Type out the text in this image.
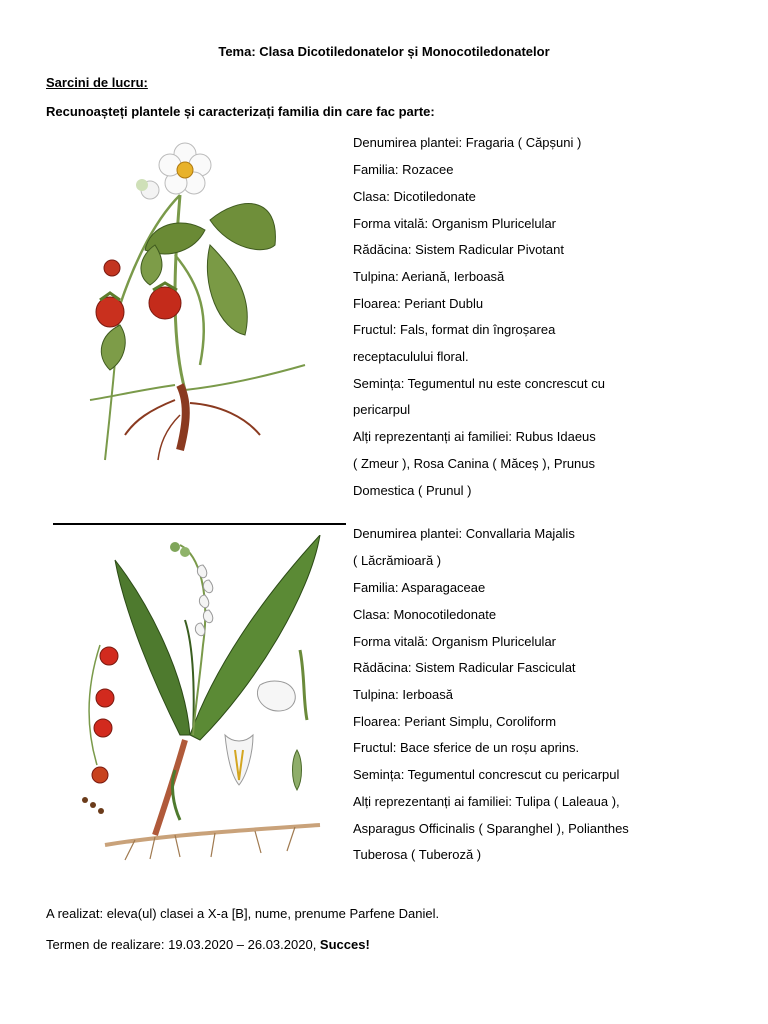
Tema: Clasa Dicotiledonatelor și Monocotiledonatelor
Sarcini de lucru:
Recunoașteți plantele și caracterizați familia din care fac parte:
Denumirea plantei: Fragaria ( Căpșuni )
Familia: Rozacee
Clasa: Dicotiledonate
Forma vitală: Organism Pluricelular
Rădăcina: Sistem Radicular Pivotant
Tulpina: Aeriană, Ierboasă
Floarea: Periant Dublu
Fructul: Fals, format din îngroșarea
receptaculului floral.
Semința: Tegumentul nu este concrescut cu
pericarpul
Alți reprezentanți ai familiei: Rubus Idaeus
( Zmeur ), Rosa Canina ( Măceș ), Prunus
Domestica ( Prunul )
Denumirea plantei: Convallaria Majalis
( Lăcrămioară )
Familia: Asparagaceae
Clasa: Monocotiledonate
Forma vitală: Organism Pluricelular
Rădăcina: Sistem Radicular Fasciculat
Tulpina: Ierboasă
Floarea: Periant Simplu, Coroliform
Fructul: Bace sferice de un roșu aprins.
Semința: Tegumentul concrescut cu pericarpul
Alți reprezentanți ai familiei: Tulipa ( Laleaua ),
Asparagus Officinalis ( Sparanghel ), Polianthes
Tuberosa ( Tuberoză )
A realizat: eleva(ul) clasei a X-a [B], nume, prenume Parfene Daniel.
Termen de realizare: 19.03.2020 – 26.03.2020, Succes!
